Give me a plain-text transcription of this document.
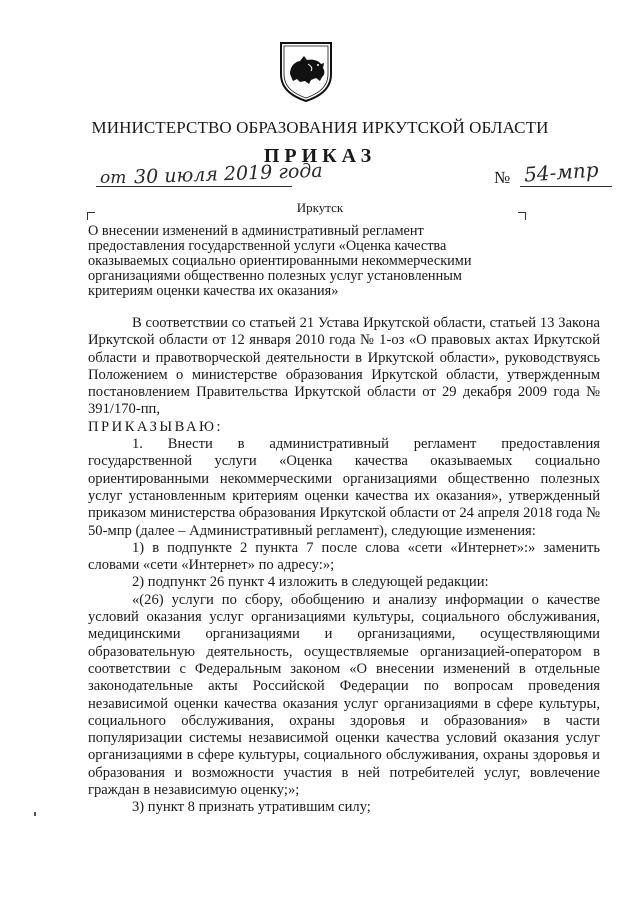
МИНИСТЕРСТВО ОБРАЗОВАНИЯ ИРКУТСКОЙ ОБЛАСТИ
ПРИКАЗ
от 30 июля 2019 года	№ 54-мпр
Иркутск
О внесении изменений в административный регламент
предоставления государственной услуги «Оценка качества
оказываемых социально ориентированными некоммерческими
организациями общественно полезных услуг установленным
критериям оценки качества их оказания»

В соответствии со статьей 21 Устава Иркутской области, статьей 13 Закона Иркутской области от 12 января 2010 года № 1-оз «О правовых актах Иркутской области и правотворческой деятельности в Иркутской области», руководствуясь Положением о министерстве образования Иркутской области, утвержденным постановлением Правительства Иркутской области от 29 декабря 2009 года № 391/170-пп,

ПРИКАЗЫВАЮ:

1. Внести в административный регламент предоставления государственной услуги «Оценка качества оказываемых социально ориентированными некоммерческими организациями общественно полезных услуг установленным критериям оценки качества их оказания», утвержденный приказом министерства образования Иркутской области от 24 апреля 2018 года № 50-мпр (далее – Административный регламент), следующие изменения:

1) в подпункте 2 пункта 7 после слова «сети «Интернет»:» заменить словами «сети «Интернет» по адресу:»;

2) подпункт 26 пункт 4 изложить в следующей редакции:

«(26) услуги по сбору, обобщению и анализу информации о качестве условий оказания услуг организациями культуры, социального обслуживания, медицинскими организациями и организациями, осуществляющими образовательную деятельность, осуществляемые организацией-оператором в соответствии с Федеральным законом «О внесении изменений в отдельные законодательные акты Российской Федерации по вопросам проведения независимой оценки качества оказания услуг организациями в сфере культуры, социального обслуживания, охраны здоровья и образования» в части популяризации системы независимой оценки качества условий оказания услуг организациями в сфере культуры, социального обслуживания, охраны здоровья и образования и возможности участия в ней потребителей услуг, вовлечение граждан в независимую оценку;»;

3) пункт 8 признать утратившим силу;
